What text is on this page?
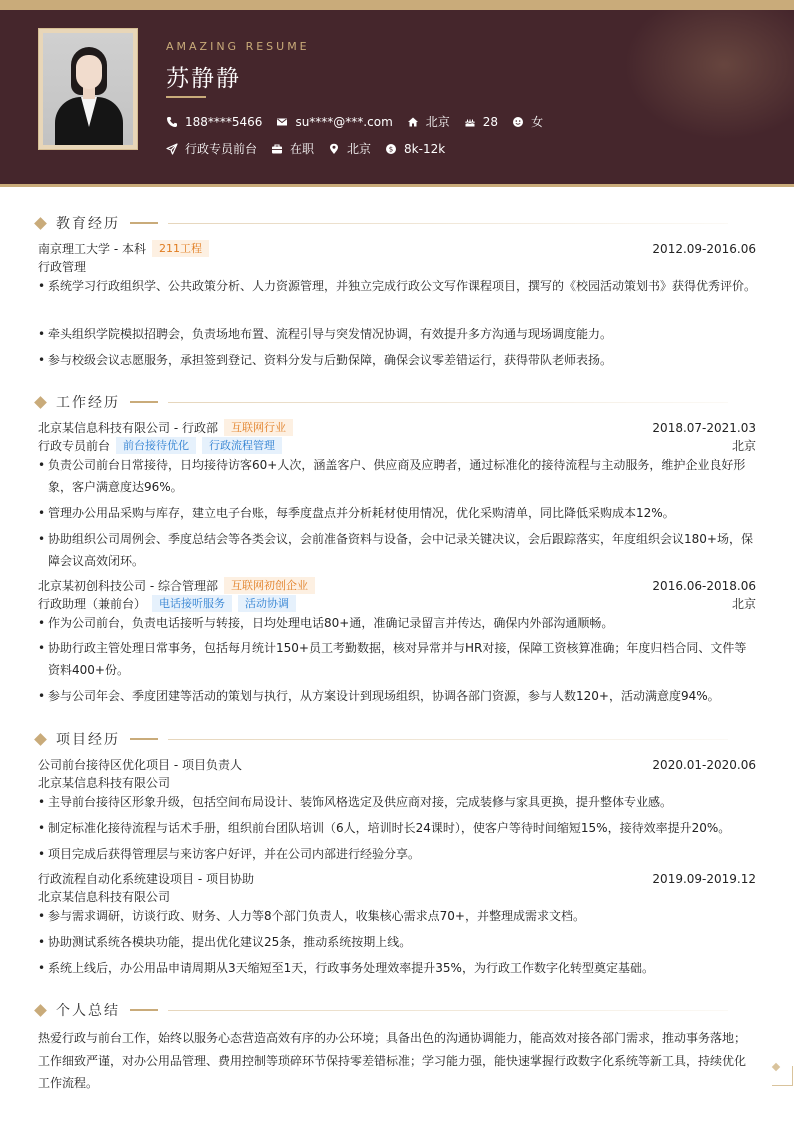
AMAZING RESUME
苏静静
188****5466	su****@***.com	北京	28	女
行政专员前台	在职	北京	$ 8k-12k
教育经历
南京理工大学 - 本科	211工程	2012.09-2016.06
行政管理
• 系统学习行政组织学、公共政策分析、人力资源管理，并独立完成行政公文写作课程项目，撰写的《校园活动策划书》获得优秀评价。
• 牵头组织学院模拟招聘会，负责场地布置、流程引导与突发情况协调，有效提升多方沟通与现场调度能力。
• 参与校级会议志愿服务，承担签到登记、资料分发与后勤保障，确保会议零差错运行，获得带队老师表扬。
工作经历
北京某信息科技有限公司 - 行政部	互联网行业	2018.07-2021.03
行政专员前台	前台接待优化	行政流程管理	北京
• 负责公司前台日常接待，日均接待访客60+人次，涵盖客户、供应商及应聘者，通过标准化的接待流程与主动服务，维护企业良好形象，客户满意度达96%。
• 管理办公用品采购与库存，建立电子台账，每季度盘点并分析耗材使用情况，优化采购清单，同比降低采购成本12%。
• 协助组织公司周例会、季度总结会等各类会议，会前准备资料与设备，会中记录关键决议，会后跟踪落实，年度组织会议180+场，保障会议高效闭环。
北京某初创科技公司 - 综合管理部	互联网初创企业	2016.06-2018.06
行政助理（兼前台）	电话接听服务	活动协调	北京
• 作为公司前台，负责电话接听与转接，日均处理电话80+通，准确记录留言并传达，确保内外部沟通顺畅。
• 协助行政主管处理日常事务，包括每月统计150+员工考勤数据，核对异常并与HR对接，保障工资核算准确；年度归档合同、文件等资料400+份。
• 参与公司年会、季度团建等活动的策划与执行，从方案设计到现场组织，协调各部门资源，参与人数120+，活动满意度94%。
项目经历
公司前台接待区优化项目 - 项目负责人	2020.01-2020.06
北京某信息科技有限公司
• 主导前台接待区形象升级，包括空间布局设计、装饰风格选定及供应商对接，完成装修与家具更换，提升整体专业感。
• 制定标准化接待流程与话术手册，组织前台团队培训（6人，培训时长24课时），使客户等待时间缩短15%，接待效率提升20%。
• 项目完成后获得管理层与来访客户好评，并在公司内部进行经验分享。
行政流程自动化系统建设项目 - 项目协助	2019.09-2019.12
北京某信息科技有限公司
• 参与需求调研，访谈行政、财务、人力等8个部门负责人，收集核心需求点70+，并整理成需求文档。
• 协助测试系统各模块功能，提出优化建议25条，推动系统按期上线。
• 系统上线后，办公用品申请周期从3天缩短至1天，行政事务处理效率提升35%，为行政工作数字化转型奠定基础。
个人总结
热爱行政与前台工作，始终以服务心态营造高效有序的办公环境；具备出色的沟通协调能力，能高效对接各部门需求，推动事务落地；工作细致严谨，对办公用品管理、费用控制等琐碎环节保持零差错标准；学习能力强，能快速掌握行政数字化系统等新工具，持续优化工作流程。
